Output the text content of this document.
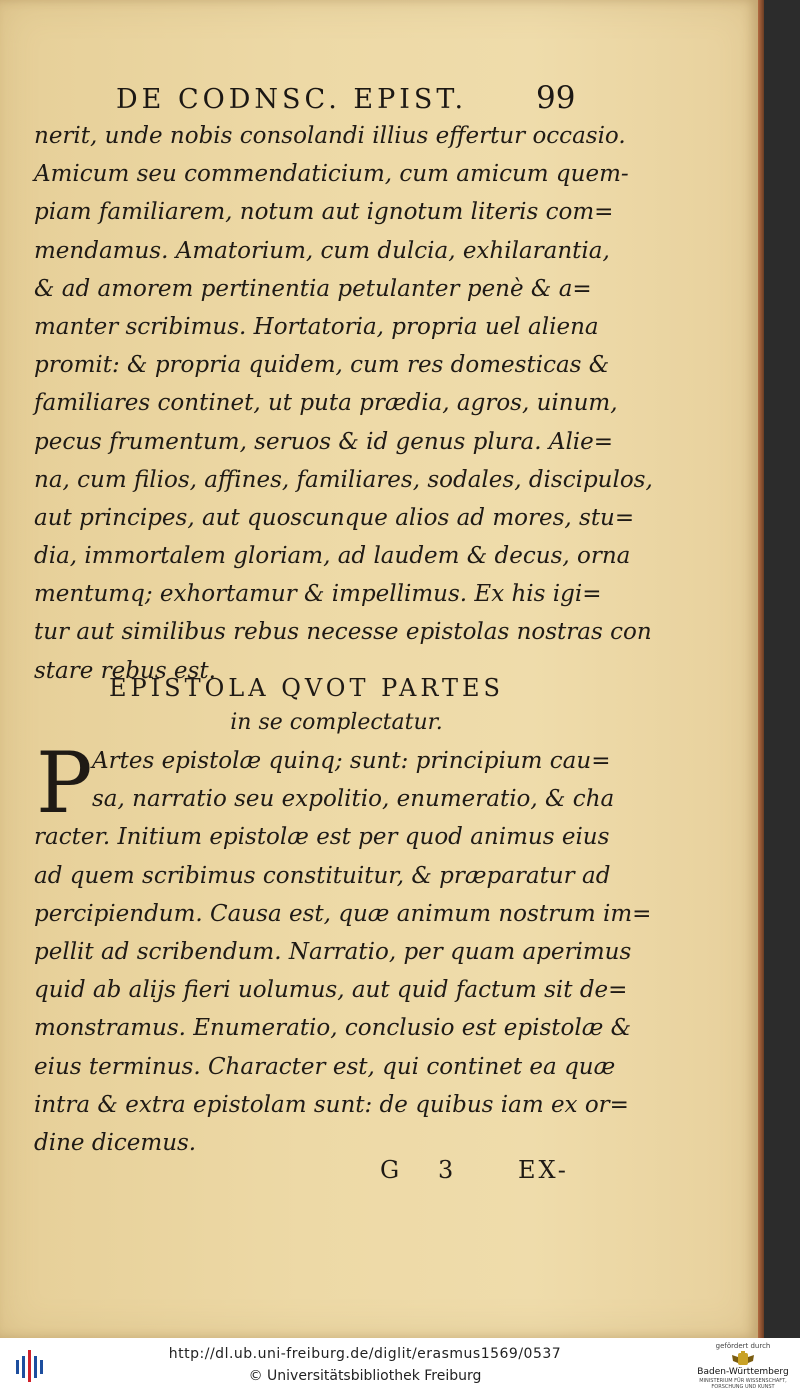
DE CODNSC. EPIST. 99
nerit, unde nobis consolandi illius effertur occasio.
Amicum seu commendaticium, cum amicum quem-
piam familiarem, notum aut ignotum literis com=
mendamus. Amatorium, cum dulcia, exhilarantia,
& ad amorem pertinentia petulanter penè & a=
manter scribimus. Hortatoria, propria uel aliena
promit: & propria quidem, cum res domesticas &
familiares continet, ut puta prædia, agros, uinum,
pecus frumentum, seruos & id genus plura. Alie=
na, cum filios, affines, familiares, sodales, discipulos,
aut principes, aut quoscunque alios ad mores, stu=
dia, immortalem gloriam, ad laudem & decus, orna
mentumq; exhortamur & impellimus. Ex his igi=
tur aut similibus rebus necesse epistolas nostras con
stare rebus est.
EPISTOLA QVOT PARTES
in se complectatur.
P Artes epistolæ quinq; sunt: principium cau=
sa, narratio seu expolitio, enumeratio, & cha
racter. Initium epistolæ est per quod animus eius
ad quem scribimus constituitur, & præparatur ad
percipiendum. Causa est, quæ animum nostrum im=
pellit ad scribendum. Narratio, per quam aperimus
quid ab alijs fieri uolumus, aut quid factum sit de=
monstramus. Enumeratio, conclusio est epistolæ &
eius terminus. Character est, qui continet ea quæ
intra & extra epistolam sunt: de quibus iam ex or=
dine dicemus.
G 3	EX-
http://dl.ub.uni-freiburg.de/diglit/erasmus1569/0537
© Universitätsbibliothek Freiburg
gefördert durch
Baden-Württemberg
MINISTERIUM FÜR WISSENSCHAFT, FORSCHUNG UND KUNST
